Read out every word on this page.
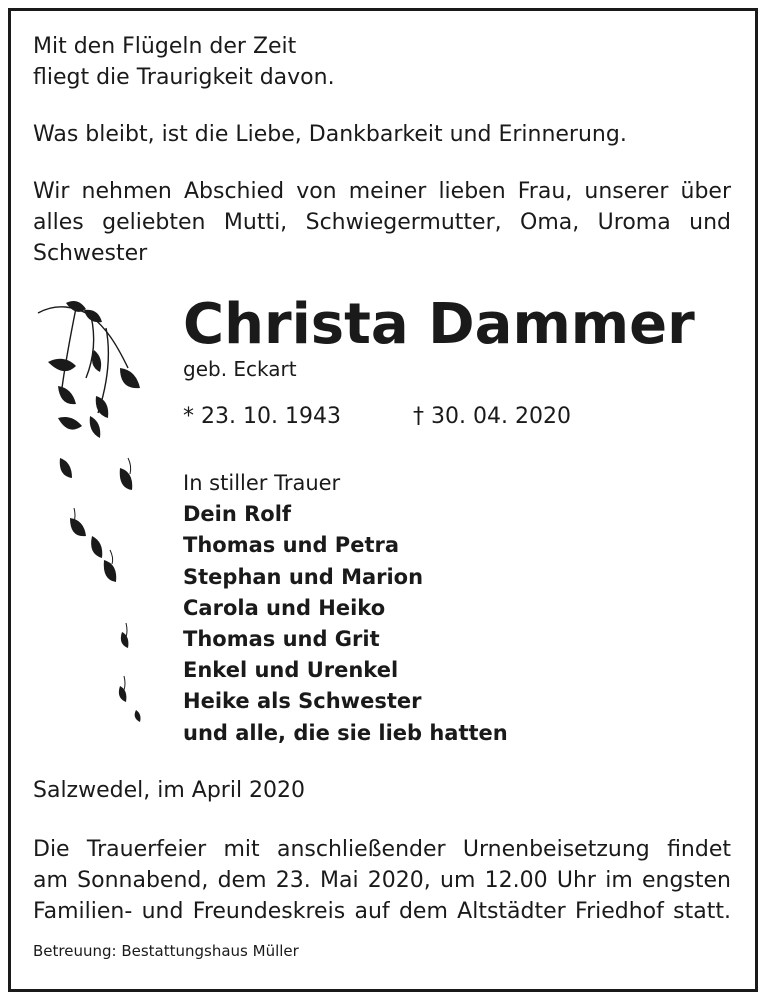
Mit den Flügeln der Zeit

fliegt die Traurigkeit davon.

Was bleibt, ist die Liebe, Dankbarkeit und Erinnerung.

Wir nehmen Abschied von meiner lieben Frau, unserer über

alles geliebten Mutti, Schwiegermutter, Oma, Uroma und

Schwester

Christa Dammer
geb. Eckart
* 23. 10. 1943	† 30. 04. 2020
In stiller Trauer
Dein Rolf
Thomas und Petra
Stephan und Marion
Carola und Heiko
Thomas und Grit
Enkel und Urenkel
Heike als Schwester
und alle, die sie lieb hatten

Salzwedel, im April 2020

Die Trauerfeier mit anschließender Urnenbeisetzung findet

am Sonnabend, dem 23. Mai 2020, um 12.00 Uhr im engsten

Familien- und Freundeskreis auf dem Altstädter Friedhof statt.

Betreuung: Bestattungshaus Müller
